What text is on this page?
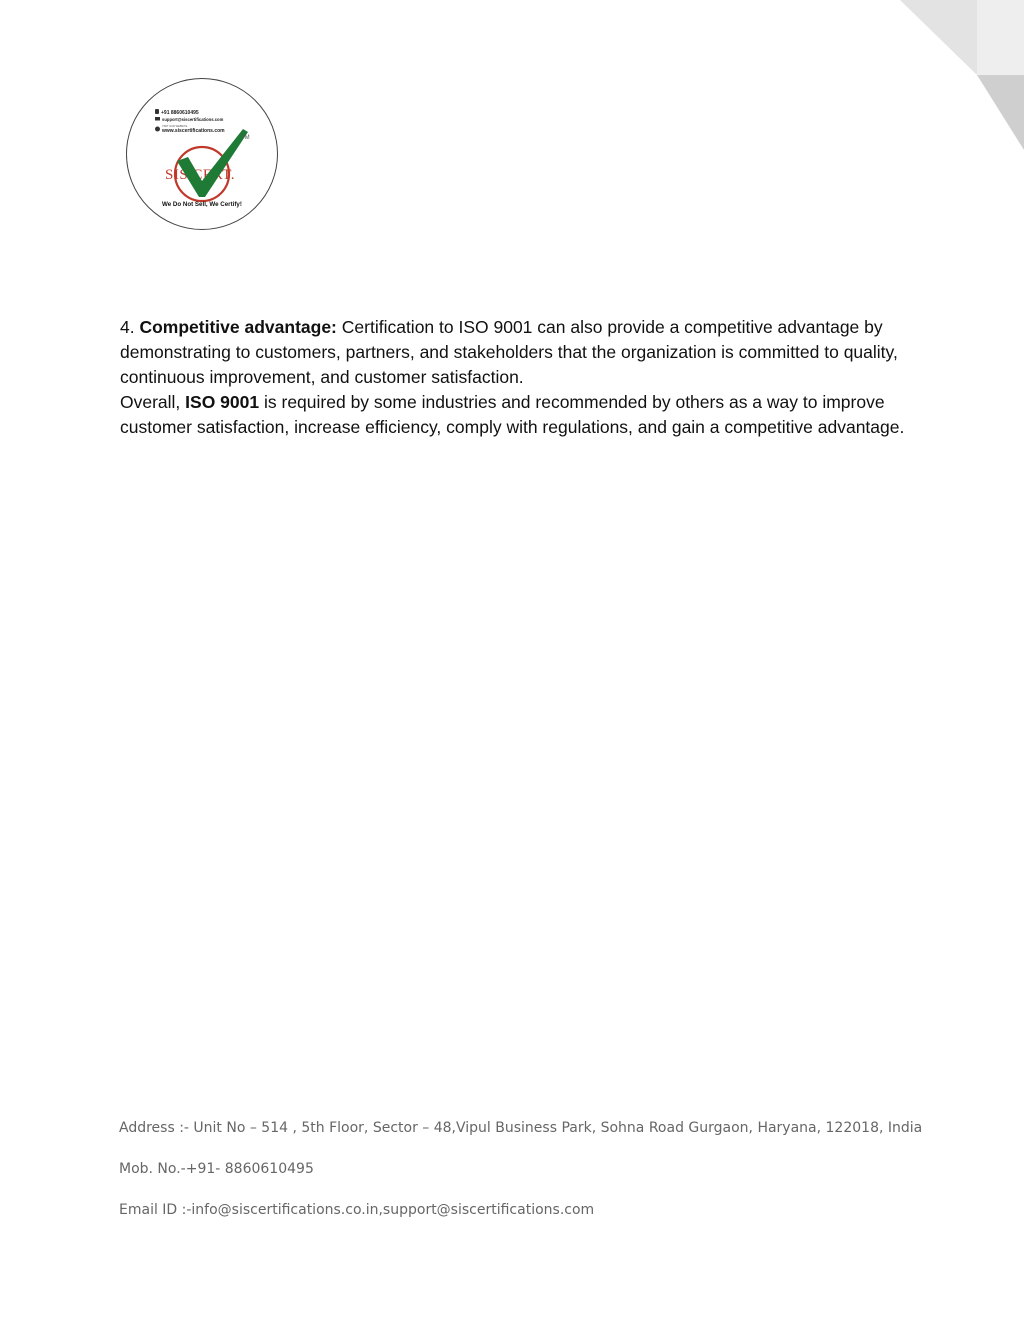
+91 8860610495
support@siscertifications.com
VISIT OUR WEBSITE
www.siscertifications.com
SIS CERT.
TM
We Do Not Sell, We Certify!

4. Competitive advantage: Certification to ISO 9001 can also provide a competitive advantage by demonstrating to customers, partners, and stakeholders that the organization is committed to quality, continuous improvement, and customer satisfaction.

Overall, ISO 9001 is required by some industries and recommended by others as a way to improve customer satisfaction, increase efficiency, comply with regulations, and gain a competitive advantage.

Address :- Unit No – 514 , 5th Floor, Sector – 48,Vipul Business Park, Sohna Road Gurgaon, Haryana, 122018, India

Mob. No.-+91- 8860610495

Email ID :-info@siscertifications.co.in,support@siscertifications.com
